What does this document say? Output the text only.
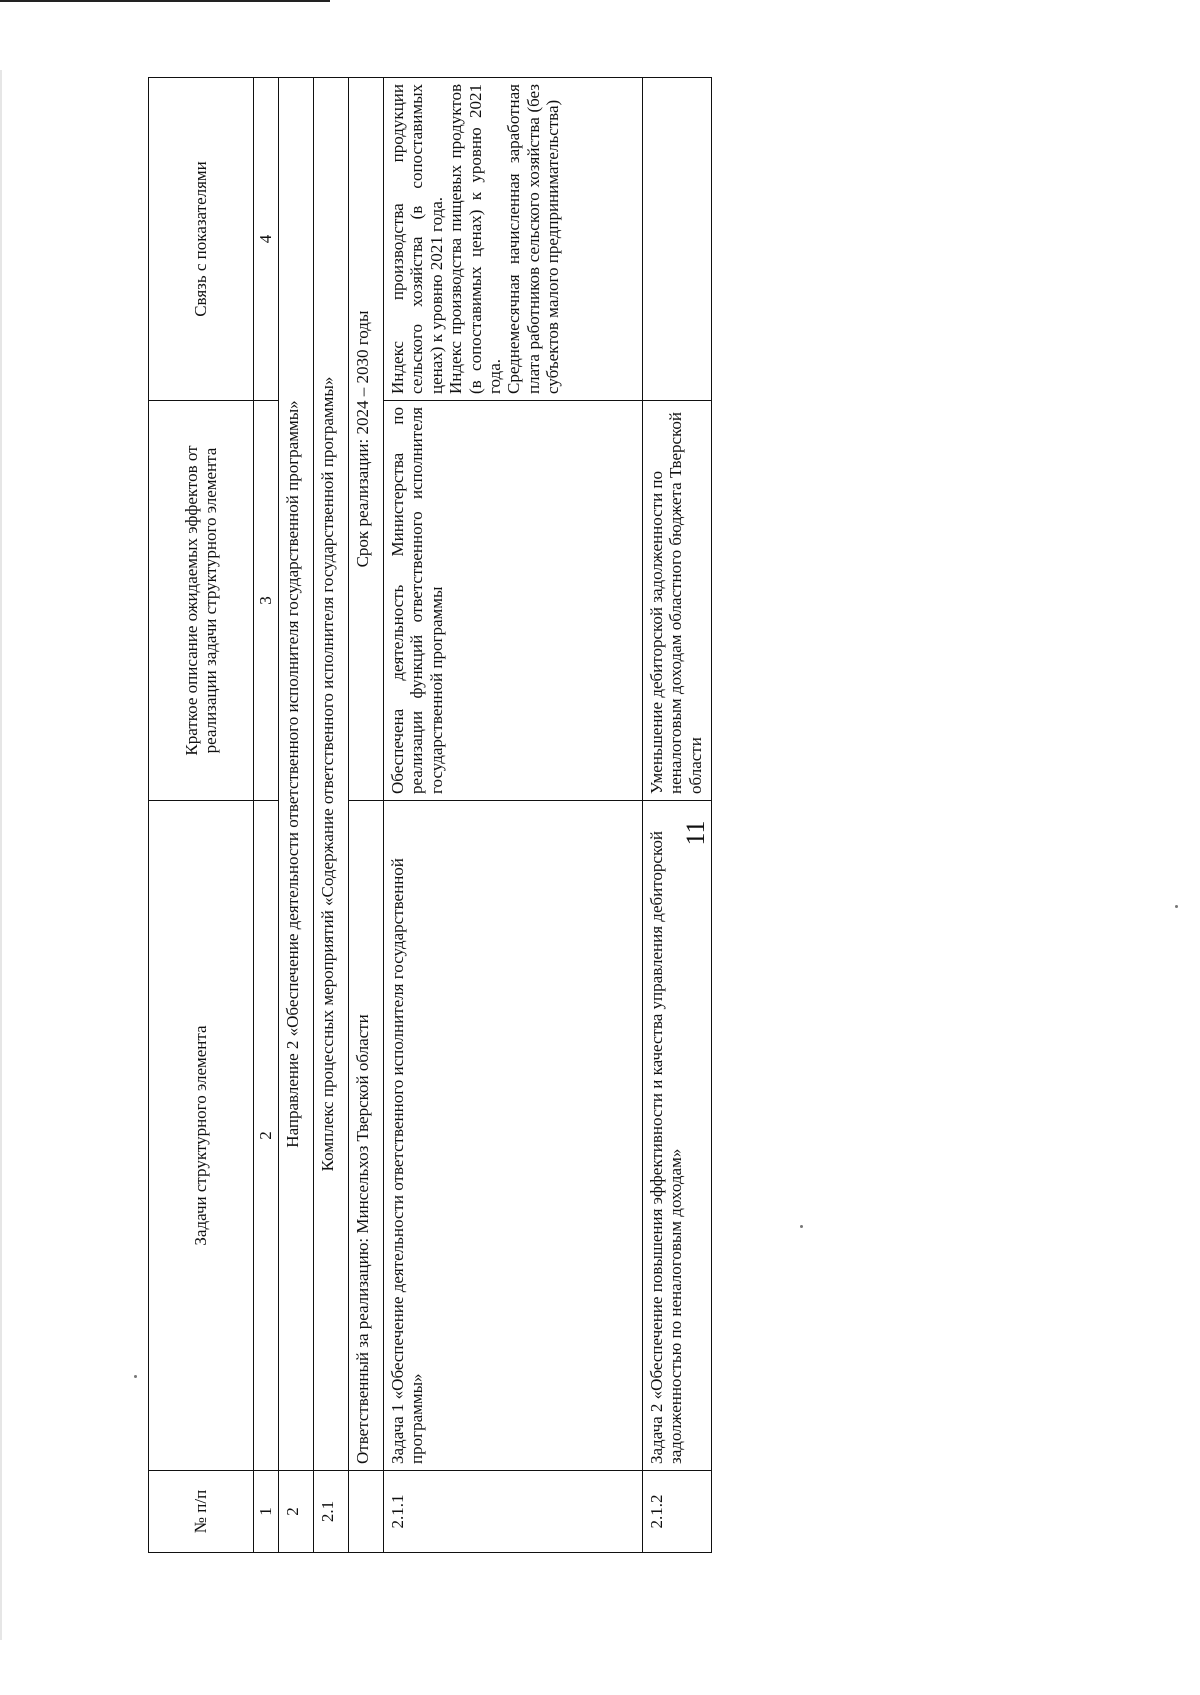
11
№ п/п	Задачи структурного элемента	Краткое описание ожидаемых эффектов от реализации задачи структурного элемента	Связь с показателями
1	2	3	4
2	Направление 2 «Обеспечение деятельности ответственного исполнителя государственной программы»		
2.1	Комплекс процессных мероприятий «Содержание ответственного исполнителя государственной программы»		
	Ответственный за реализацию: Минсельхоз Тверской области	Срок реализации: 2024 – 2030 годы	
2.1.1	Задача 1 «Обеспечение деятельности ответственного исполнителя государственной программы»	Обеспечена деятельность Министерства по реализации функций ответственного исполнителя государственной программы	Индекс производства продукции сельского хозяйства (в сопоставимых ценах) к уровню 2021 года. Индекс производства пищевых продуктов (в сопоставимых ценах) к уровню 2021 года. Среднемесячная начисленная заработная плата работников сельского хозяйства (без субъектов малого предпринимательства)

2.1.2	Задача 2 «Обеспечение повышения эффективности и качества управления дебиторской задолженностью по неналоговым доходам»	Уменьшение дебиторской задолженности по неналоговым доходам областного бюджета Тверской области	
